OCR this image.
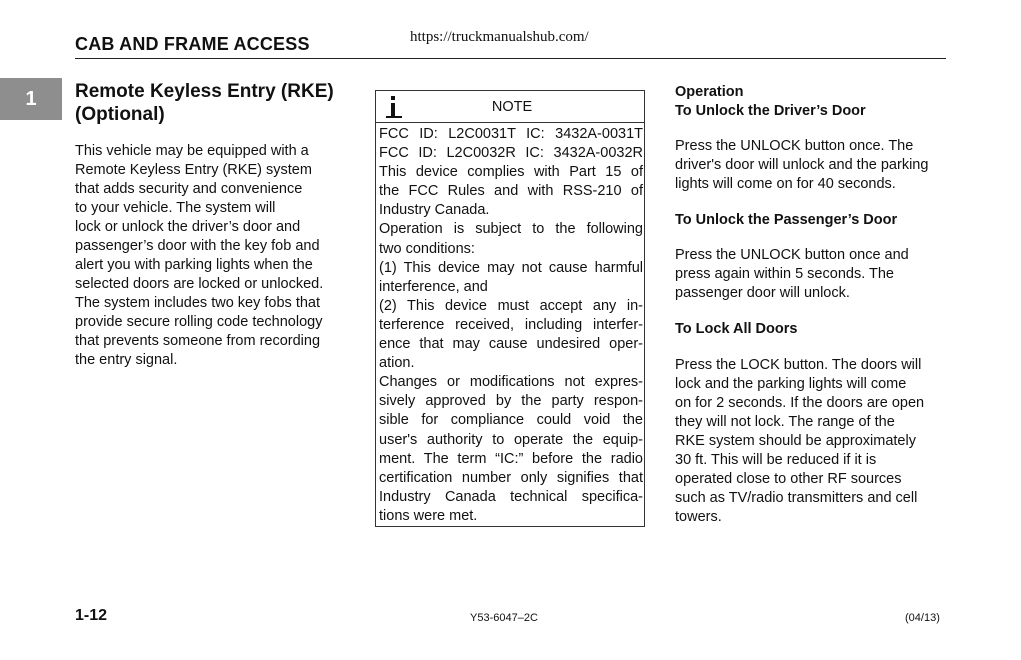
CAB AND FRAME ACCESS	https://truckmanualshub.com/
1	Remote Keyless Entry (RKE)
(Optional)
This vehicle may be equipped with a
Remote Keyless Entry (RKE) system
that adds security and convenience
to your vehicle. The system will
lock or unlock the driver’s door and
passenger’s door with the key fob and
alert you with parking lights when the
selected doors are locked or unlocked.
The system includes two key fobs that
provide secure rolling code technology
that prevents someone from recording
the entry signal.
NOTE
FCC ID: L2C0031T IC: 3432A-0031T
FCC ID: L2C0032R IC: 3432A-0032R
This device complies with Part 15 of
the FCC Rules and with RSS-210 of
Industry Canada.
Operation is subject to the following
two conditions:
(1) This device may not cause harmful
interference, and
(2) This device must accept any in-
terference received, including interfer-
ence that may cause undesired oper-
ation.
Changes or modifications not expres-
sively approved by the party respon-
sible for compliance could void the
user's authority to operate the equip-
ment. The term “IC:” before the radio
certification number only signifies that
Industry Canada technical specifica-
tions were met.
Operation
To Unlock the Driver’s Door
Press the UNLOCK button once. The
driver's door will unlock and the parking
lights will come on for 40 seconds.
To Unlock the Passenger’s Door
Press the UNLOCK button once and
press again within 5 seconds. The
passenger door will unlock.
To Lock All Doors
Press the LOCK button. The doors will
lock and the parking lights will come
on for 2 seconds. If the doors are open
they will not lock. The range of the
RKE system should be approximately
30 ft. This will be reduced if it is
operated close to other RF sources
such as TV/radio transmitters and cell
towers.
1-12	Y53-6047–2C	(04/13)
